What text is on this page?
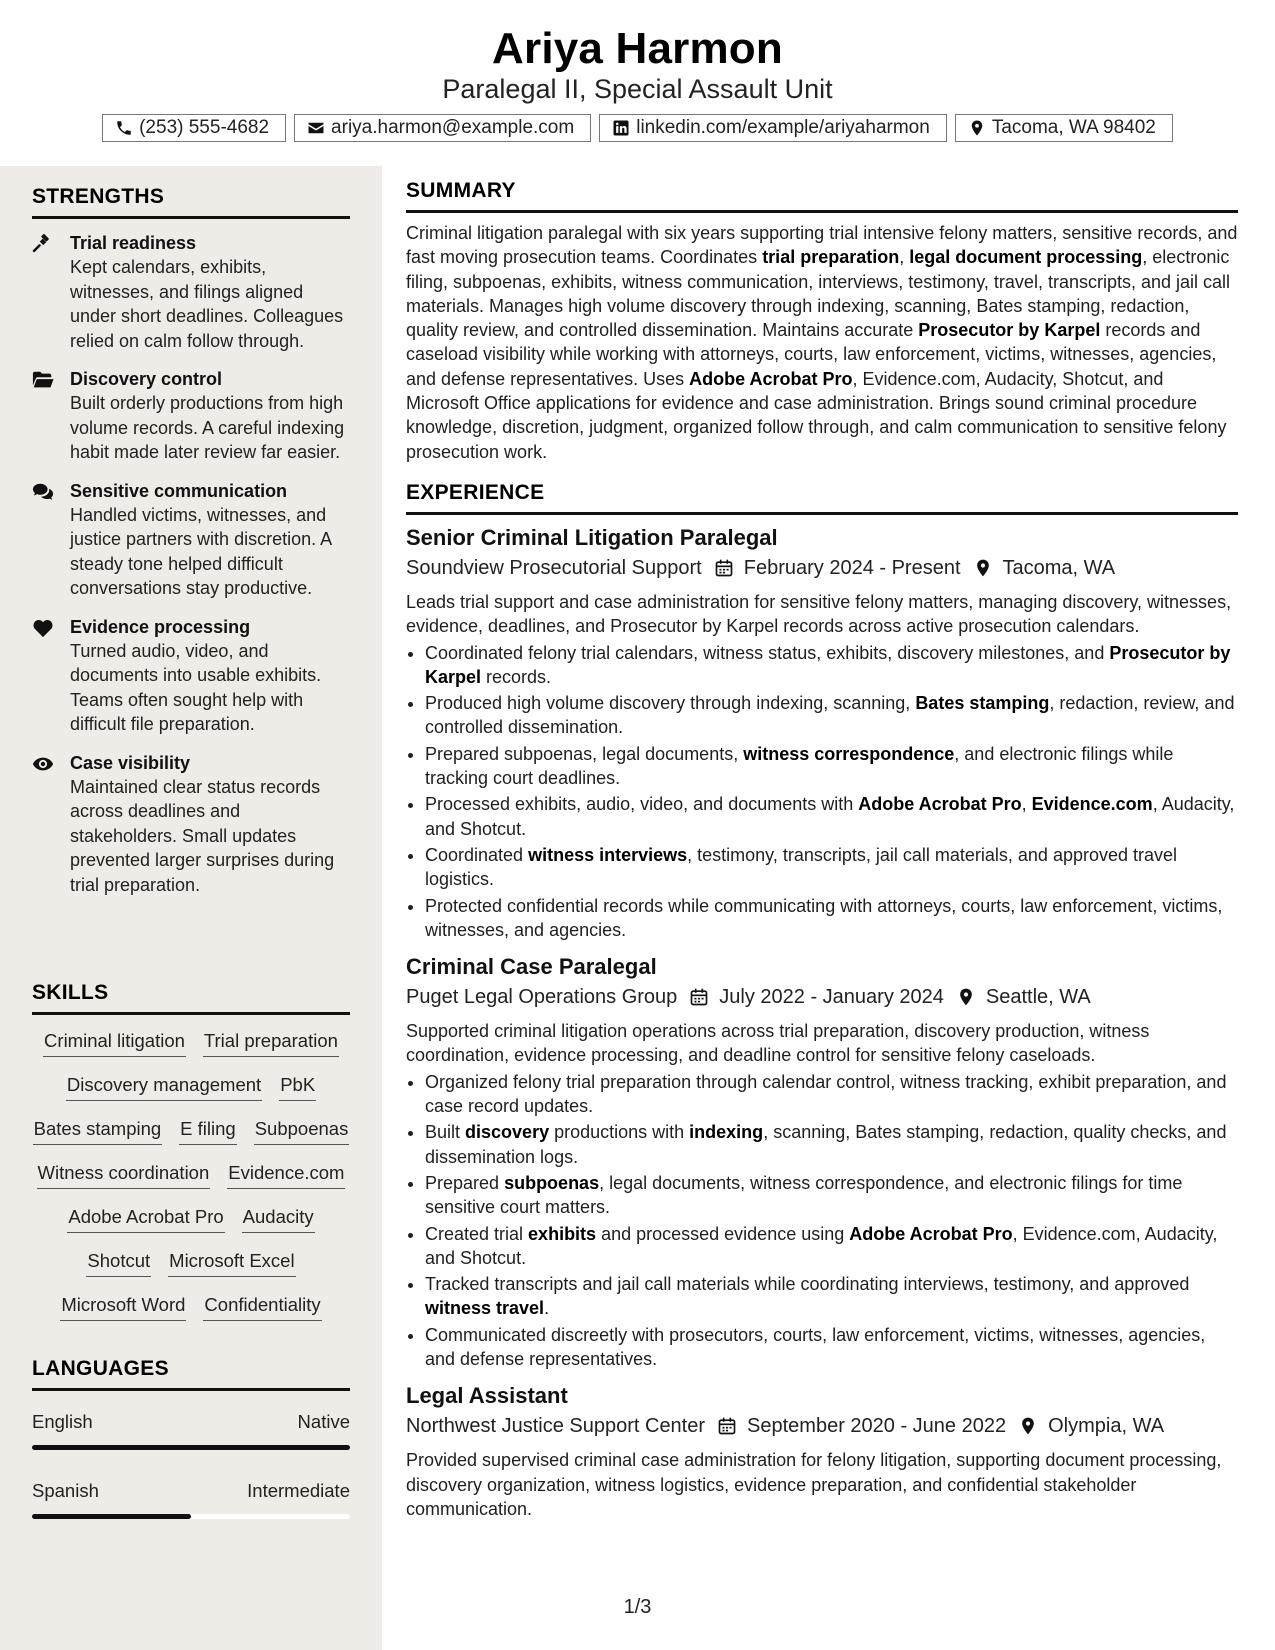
Ariya Harmon
Paralegal II, Special Assault Unit
(253) 555-4682	ariya.harmon@example.com	linkedin.com/example/ariyaharmon	Tacoma, WA 98402
STRENGTHS
Trial readiness
Kept calendars, exhibits, witnesses, and filings aligned under short deadlines. Colleagues relied on calm follow through.
Discovery control
Built orderly productions from high volume records. A careful indexing habit made later review far easier.
Sensitive communication
Handled victims, witnesses, and justice partners with discretion. A steady tone helped difficult conversations stay productive.
Evidence processing
Turned audio, video, and documents into usable exhibits. Teams often sought help with difficult file preparation.
Case visibility
Maintained clear status records across deadlines and stakeholders. Small updates prevented larger surprises during trial preparation.
SKILLS
Criminal litigation Trial preparation
Discovery management PbK
Bates stamping E filing Subpoenas
Witness coordination Evidence.com
Adobe Acrobat Pro Audacity
Shotcut Microsoft Excel
Microsoft Word Confidentiality
LANGUAGES
English	Native
Spanish	Intermediate
SUMMARY

Criminal litigation paralegal with six years supporting trial intensive felony matters, sensitive records, and fast moving prosecution teams. Coordinates trial preparation, legal document processing, electronic filing, subpoenas, exhibits, witness communication, interviews, testimony, travel, transcripts, and jail call materials. Manages high volume discovery through indexing, scanning, Bates stamping, redaction, quality review, and controlled dissemination. Maintains accurate Prosecutor by Karpel records and caseload visibility while working with attorneys, courts, law enforcement, victims, witnesses, agencies, and defense representatives. Uses Adobe Acrobat Pro, Evidence.com, Audacity, Shotcut, and Microsoft Office applications for evidence and case administration. Brings sound criminal procedure knowledge, discretion, judgment, organized follow through, and calm communication to sensitive felony prosecution work.

EXPERIENCE
Senior Criminal Litigation Paralegal
Soundview Prosecutorial Support February 2024 - Present Tacoma, WA

Leads trial support and case administration for sensitive felony matters, managing discovery, witnesses, evidence, deadlines, and Prosecutor by Karpel records across active prosecution calendars.

• Coordinated felony trial calendars, witness status, exhibits, discovery milestones, and Prosecutor by Karpel records.
• Produced high volume discovery through indexing, scanning, Bates stamping, redaction, review, and controlled dissemination.
• Prepared subpoenas, legal documents, witness correspondence, and electronic filings while tracking court deadlines.
• Processed exhibits, audio, video, and documents with Adobe Acrobat Pro, Evidence.com, Audacity, and Shotcut.
• Coordinated witness interviews, testimony, transcripts, jail call materials, and approved travel logistics.
• Protected confidential records while communicating with attorneys, courts, law enforcement, victims, witnesses, and agencies.
Criminal Case Paralegal
Puget Legal Operations Group July 2022 - January 2024 Seattle, WA

Supported criminal litigation operations across trial preparation, discovery production, witness coordination, evidence processing, and deadline control for sensitive felony caseloads.

• Organized felony trial preparation through calendar control, witness tracking, exhibit preparation, and case record updates.
• Built discovery productions with indexing, scanning, Bates stamping, redaction, quality checks, and dissemination logs.
• Prepared subpoenas, legal documents, witness correspondence, and electronic filings for time sensitive court matters.
• Created trial exhibits and processed evidence using Adobe Acrobat Pro, Evidence.com, Audacity, and Shotcut.
• Tracked transcripts and jail call materials while coordinating interviews, testimony, and approved witness travel.
• Communicated discreetly with prosecutors, courts, law enforcement, victims, witnesses, agencies, and defense representatives.
Legal Assistant
Northwest Justice Support Center September 2020 - June 2022 Olympia, WA

Provided supervised criminal case administration for felony litigation, supporting document processing, discovery organization, witness logistics, evidence preparation, and confidential stakeholder communication.

1/3
